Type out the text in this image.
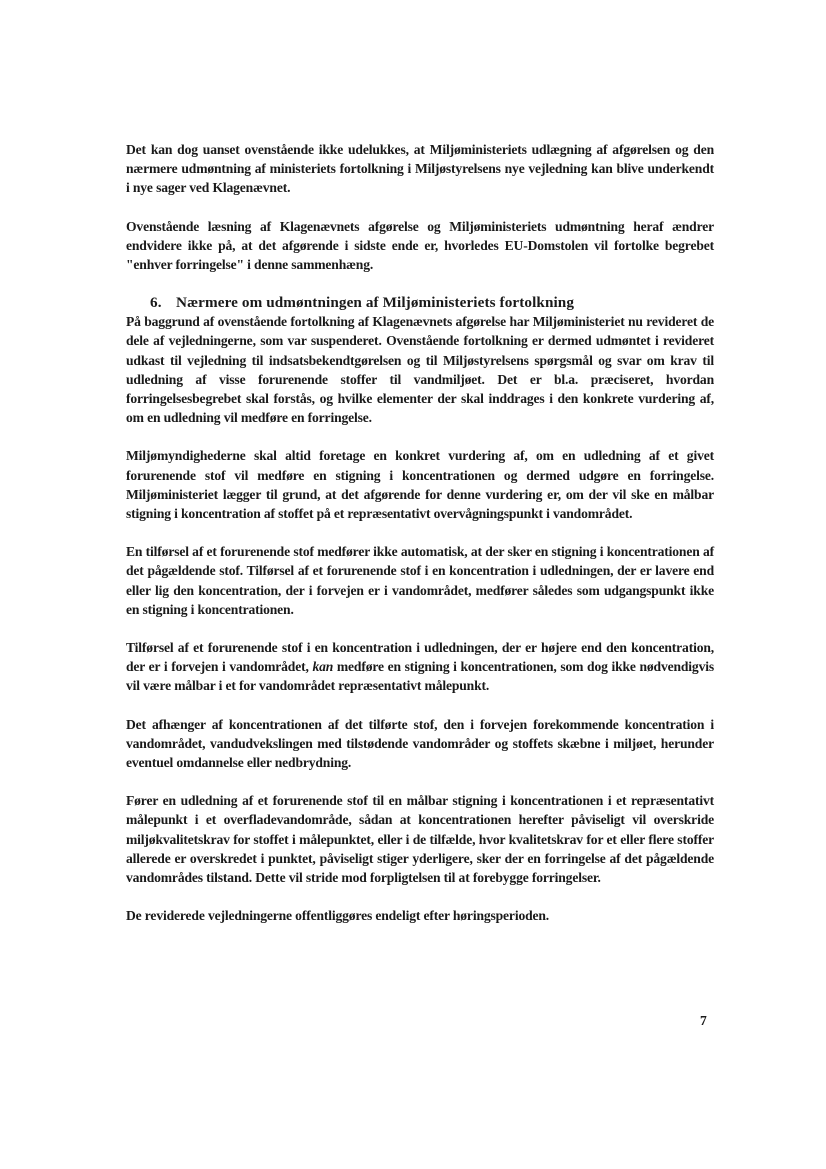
Det kan dog uanset ovenstående ikke udelukkes, at Miljøministeriets udlægning af afgørelsen og den nærmere udmøntning af ministeriets fortolkning i Miljøstyrelsens nye vejledning kan blive underkendt i nye sager ved Klagenævnet.

Ovenstående læsning af Klagenævnets afgørelse og Miljøministeriets udmøntning heraf ændrer endvidere ikke på, at det afgørende i sidste ende er, hvorledes EU-Domstolen vil fortolke begrebet "enhver forringelse" i denne sammenhæng.

6. Nærmere om udmøntningen af Miljøministeriets fortolkning

På baggrund af ovenstående fortolkning af Klagenævnets afgørelse har Miljøministeriet nu revideret de dele af vejledningerne, som var suspenderet. Ovenstående fortolkning er dermed udmøntet i revideret udkast til vejledning til indsatsbekendtgørelsen og til Miljøstyrelsens spørgsmål og svar om krav til udledning af visse forurenende stoffer til vandmiljøet. Det er bl.a. præciseret, hvordan forringelsesbegrebet skal forstås, og hvilke elementer der skal inddrages i den konkrete vurdering af, om en udledning vil medføre en forringelse.

Miljømyndighederne skal altid foretage en konkret vurdering af, om en udledning af et givet forurenende stof vil medføre en stigning i koncentrationen og dermed udgøre en forringelse. Miljøministeriet lægger til grund, at det afgørende for denne vurdering er, om der vil ske en målbar stigning i koncentration af stoffet på et repræsentativt overvågningspunkt i vandområdet.

En tilførsel af et forurenende stof medfører ikke automatisk, at der sker en stigning i koncentrationen af det pågældende stof. Tilførsel af et forurenende stof i en koncentration i udledningen, der er lavere end eller lig den koncentration, der i forvejen er i vandområdet, medfører således som udgangspunkt ikke en stigning i koncentrationen.

Tilførsel af et forurenende stof i en koncentration i udledningen, der er højere end den koncentration, der er i forvejen i vandområdet, kan medføre en stigning i koncentrationen, som dog ikke nødvendigvis vil være målbar i et for vandområdet repræsentativt målepunkt.

Det afhænger af koncentrationen af det tilførte stof, den i forvejen forekommende koncentration i vandområdet, vandudvekslingen med tilstødende vandområder og stoffets skæbne i miljøet, herunder eventuel omdannelse eller nedbrydning.

Fører en udledning af et forurenende stof til en målbar stigning i koncentrationen i et repræsentativt målepunkt i et overfladevandområde, sådan at koncentrationen herefter påviseligt vil overskride miljøkvalitetskrav for stoffet i målepunktet, eller i de tilfælde, hvor kvalitetskrav for et eller flere stoffer allerede er overskredet i punktet, påviseligt stiger yderligere, sker der en forringelse af det pågældende vandområdes tilstand. Dette vil stride mod forpligtelsen til at forebygge forringelser.

De reviderede vejledningerne offentliggøres endeligt efter høringsperioden.

7
